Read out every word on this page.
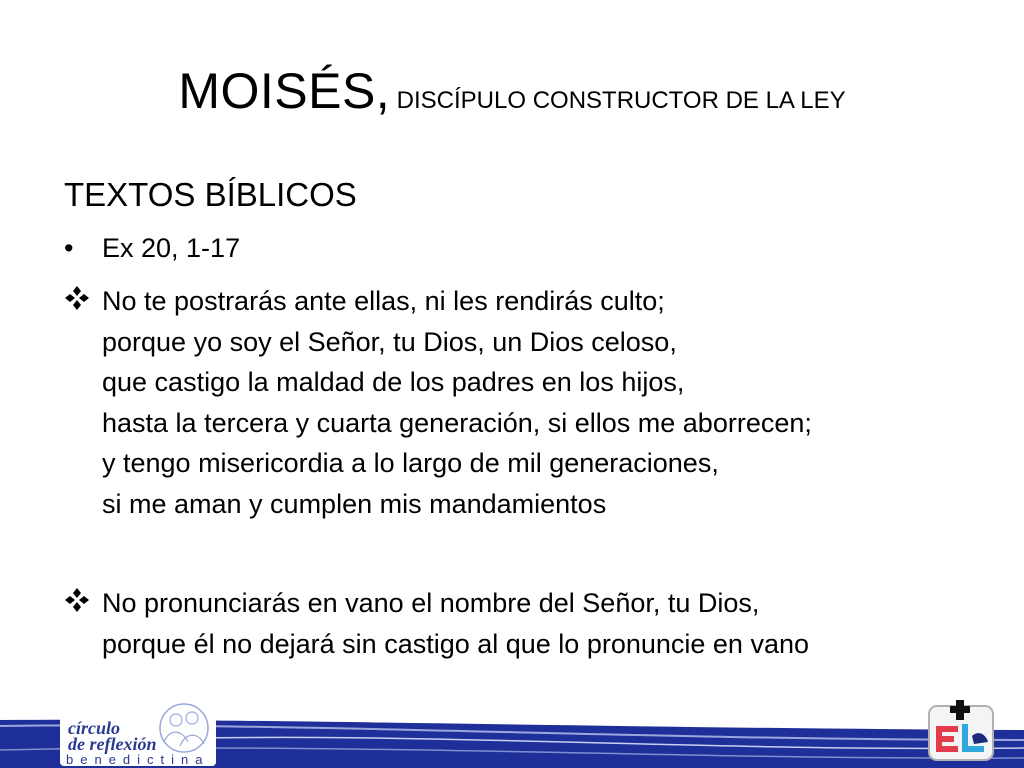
MOISÉS, DISCÍPULO CONSTRUCTOR DE LA LEY
TEXTOS BÍBLICOS
•	Ex 20, 1-17
No te postrarás ante ellas, ni les rendirás culto;
porque yo soy el Señor, tu Dios, un Dios celoso,
que castigo la maldad de los padres en los hijos,
hasta la tercera y cuarta generación, si ellos me aborrecen;
y tengo misericordia a lo largo de mil generaciones,
si me aman y cumplen mis mandamientos
No pronunciarás en vano el nombre del Señor, tu Dios,
porque él no dejará sin castigo al que lo pronuncie en vano
círculo
de reflexión
benedictina
